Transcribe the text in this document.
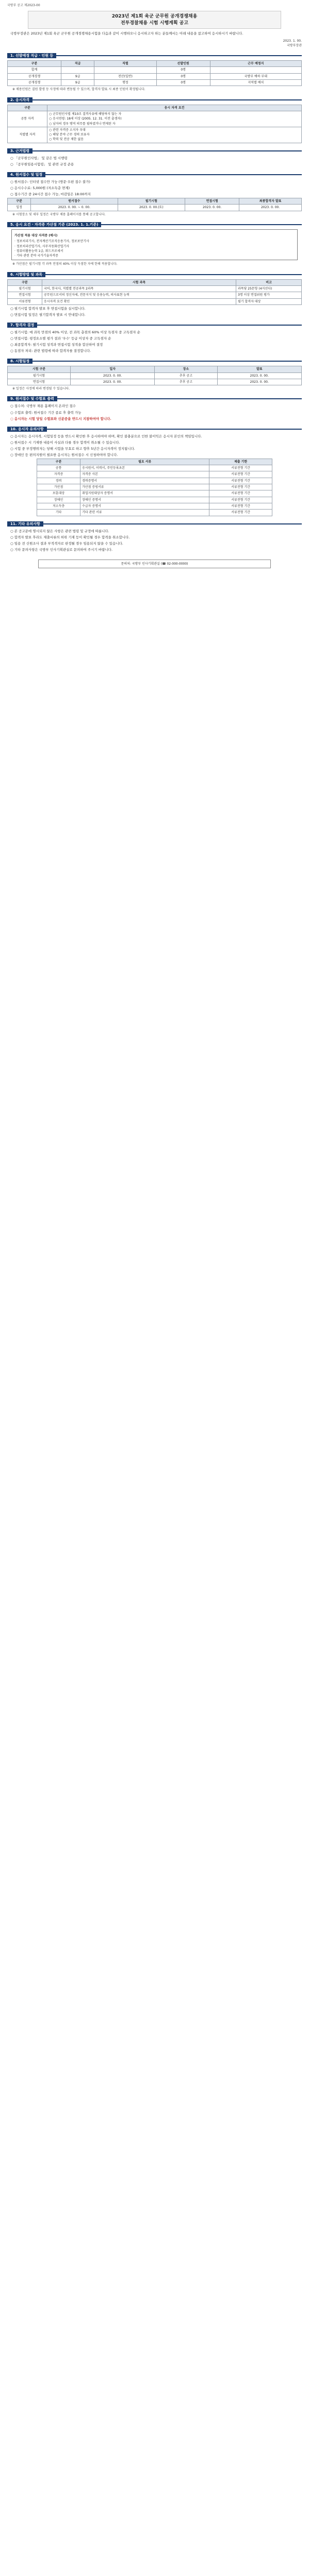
국방부 공고 제2023-00
2023년 제1회 육군 군무원 공개경쟁채용
전투경찰채용 시험 시행계획 공고
국방부장관은 2023년 제1회 육군 군무원 공개경쟁채용시험을 다음과 같이 시행하오니 응시하고자 하는 분들께서는 아래 내용을 참고하여 응시하시기 바랍니다.
2023. 1. 00.
국방부장관
1. 선발예정 직급 · 인원 등
구분	직급	직렬	선발인원	근무 예정지
합계			0명	
공개경쟁	9급	전산(일반)	0명	국방부 예하 부대
공개경쟁	9급	행정	0명	지역별 배치
※ 채용인원은 결원 발생 등 사정에 따라 변동될 수 있으며, 합격자 발표 시 최종 인원이 확정됩니다.
2. 응시자격
구분	응시 자격 요건
공통 자격	○ 군무원인사법 제10조 결격사유에 해당하지 않는 자
○ 응시연령: 18세 이상 (2005. 12. 31. 이전 출생자)
○ 남자의 경우 병역 의무를 필하였거나 면제된 자
직렬별 자격	○ 관련 자격증 소지자 우대
○ 해당 분야 근무 경력 보유자
○ 학력 및 전공 제한 없음
3. 근거법령
○ 「군무원인사법」 및 같은 법 시행령
○ 「공무원임용시험령」 및 관련 규정 준용
4. 원서접수 및 일정
○ 원서접수: 인터넷 접수만 가능 (방문·우편 접수 불가)
○ 응시수수료: 5,000원 (저소득층 면제)
○ 접수기간 중 24시간 접수 가능, 마감일은 18:00까지
구분	원서접수	필기시험	면접시험	최종합격자 발표
일정	2023. 0. 00. ~ 0. 00.	2023. 0. 00.(토)	2023. 0. 00.	2023. 0. 00.
※ 시험장소 및 세부 일정은 국방부 채용 홈페이지를 통해 공고합니다.
5. 응시 요건 · 자격증 가산점 기준 (2023. 1. 1.기준)
가산점 적용 대상 자격증 (예시)
· 정보처리기사, 전자계산기조직응용기사, 정보보안기사
· 정보처리산업기사, 사무자동화산업기사
· 컴퓨터활용능력 1급, 워드프로세서
· 기타 관련 분야 국가기술자격증
※ 가산점은 필기시험 각 과목 만점의 40% 이상 득점한 자에 한해 적용합니다.
6. 시험방법 및 과목
구분	시험 과목	비고
필기시험	국어, 한국사, 직렬별 전공과목 2과목	과목당 25문항 (4지선다)
면접시험	공무원으로서의 정신자세, 전문지식 및 응용능력, 의사표현 능력	3명 이상 면접위원 평가
서류전형	응시자격 요건 확인	필기 합격자 대상
○ 필기시험 합격자 발표 후 면접시험을 실시합니다.
○ 면접시험 일정은 필기합격자 발표 시 안내합니다.
7. 합격자 결정
○ 필기시험: 매 과목 만점의 40% 이상, 전 과목 총점의 60% 이상 득점자 중 고득점자 순
○ 면접시험: 평정요소별 평가 결과 '우수' 등급 이상자 중 고득점자 순
○ 최종합격자: 필기시험 성적과 면접시험 성적을 합산하여 결정
○ 동점자 처리: 관련 법령에 따라 합격자를 결정합니다.
8. 시험일정
시험 구분	일자	장소	발표
필기시험	2023. 0. 00.	추후 공고	2023. 0. 00.
면접시험	2023. 0. 00.	추후 공고	2023. 0. 00.
※ 일정은 사정에 따라 변경될 수 있습니다.
9. 원서접수 및 수험표 출력
○ 접수처: 국방부 채용 홈페이지 온라인 접수
○ 수험표 출력: 원서접수 기간 종료 후 출력 가능
○ 응시자는 시험 당일 수험표와 신분증을 반드시 지참하여야 합니다.
10. 응시자 유의사항
○ 응시자는 응시자격, 시험일정 등을 반드시 확인한 후 응시하여야 하며, 확인 불충분으로 인한 불이익은 응시자 본인의 책임입니다.
○ 원서접수 시 기재한 내용이 사실과 다를 경우 합격이 취소될 수 있습니다.
○ 시험 중 부정행위자는 당해 시험을 무효로 하고 향후 5년간 응시자격이 정지됩니다.
○ 장애인 등 편의지원이 필요한 응시자는 원서접수 시 신청하여야 합니다.
구분	필요 서류	제출 기한
공통	응시원서, 이력서, 주민등록초본	서류전형 기간
자격증	자격증 사본	서류전형 기간
경력	경력증명서	서류전형 기간
가산점	가산점 증빙서류	서류전형 기간
보훈대상	취업지원대상자 증명서	서류전형 기간
장애인	장애인 증명서	서류전형 기간
저소득층	수급자 증명서	서류전형 기간
기타	기타 관련 서류	서류전형 기간
11. 기타 유의사항
○ 본 공고문에 명시되지 않은 사항은 관련 법령 및 규정에 따릅니다.
○ 합격자 발표 후라도 제출서류의 허위 기재 등이 확인될 경우 합격을 취소합니다.
○ 임용 전 신원조사 결과 부적격자로 판정될 경우 임용되지 않을 수 있습니다.
○ 기타 문의사항은 국방부 인사기획관실로 문의하여 주시기 바랍니다.
문의처: 국방부 인사기획관실 (☎ 02-000-0000)
